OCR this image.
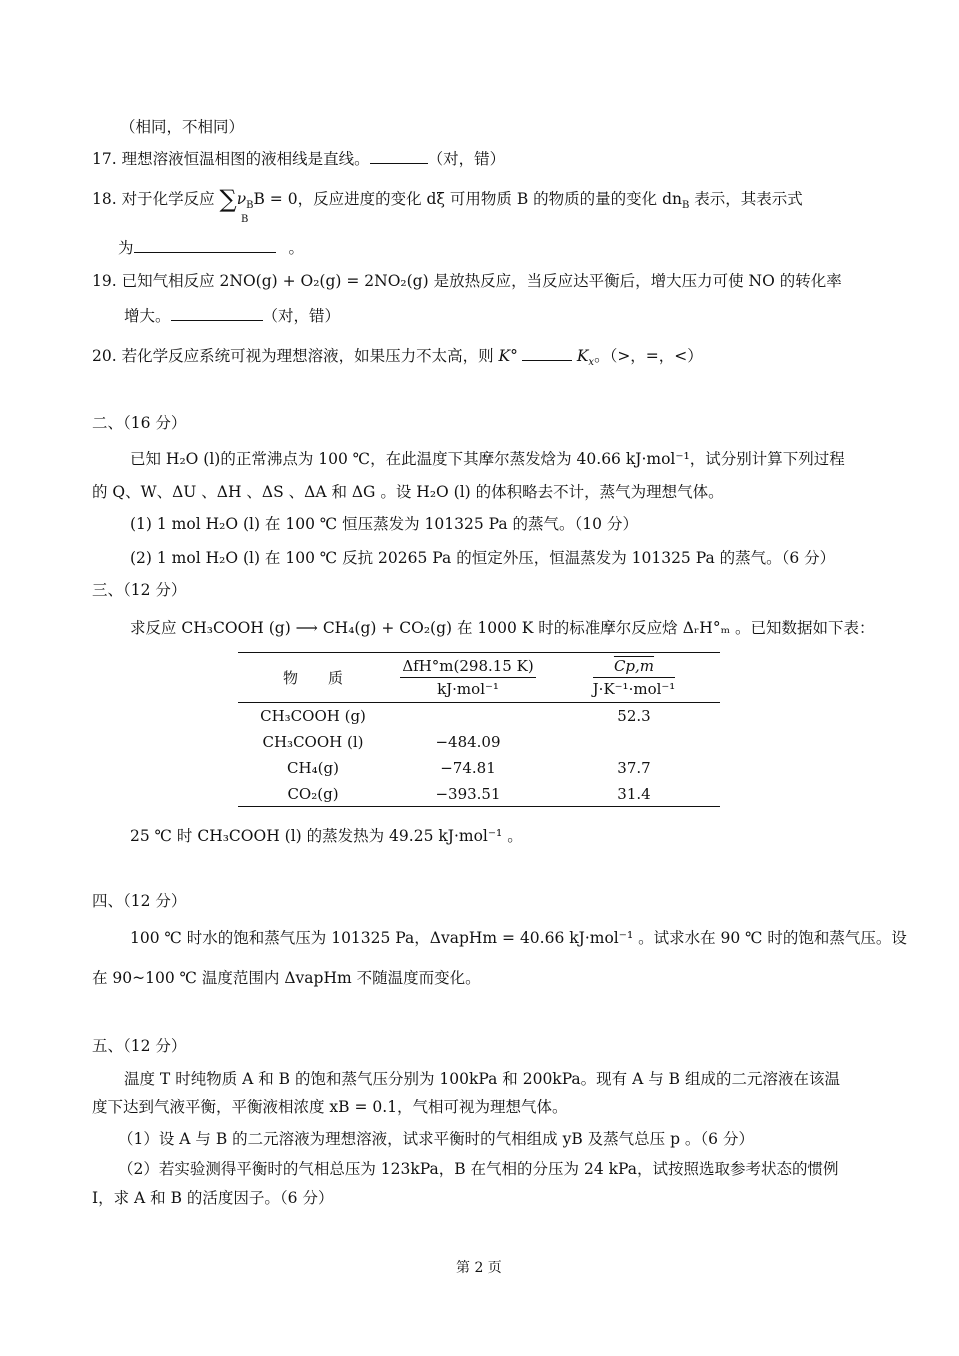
（相同，不相同）
17. 理想溶液恒温相图的液相线是直线。	（对，错）
18. 对于化学反应 $\sum\nu_BB = 0$，反应进度的变化 dξ 可用物质 B 的物质的量的变化 $dn_B$ 表示，其表示式
B
为	。
19. 已知气相反应 2NO(g) + O₂(g) = 2NO₂(g) 是放热反应，当反应达平衡后，增大压力可使 NO 的转化率
增大。	（对，错）
20. 若化学反应系统可视为理想溶液，如果压力不太高，则 K°	$K_x$。（>，=，<）
二、（16 分）
已知 H₂O (l)的正常沸点为 100 ℃，在此温度下其摩尔蒸发焓为 40.66 kJ·mol⁻¹，试分别计算下列过程
的 Q、W、ΔU 、ΔH 、ΔS 、ΔA 和 ΔG 。设 H₂O (l) 的体积略去不计，蒸气为理想气体。
(1) 1 mol H₂O (l) 在 100 ℃ 恒压蒸发为 101325 Pa 的蒸气。（10 分）
(2) 1 mol H₂O (l) 在 100 ℃ 反抗 20265 Pa 的恒定外压，恒温蒸发为 101325 Pa 的蒸气。（6 分）
三、（12 分）
求反应 CH₃COOH (g) ⟶ CH₄(g) + CO₂(g) 在 1000 K 时的标准摩尔反应焓 ΔᵣH°ₘ 。已知数据如下表：
物　　质	$\frac{\text{ΔfH°m(298.15 K)}}{\text{kJ·mol⁻¹}}$	$\frac{Cp,m}{\text{J·K⁻¹·mol⁻¹}}$

CH₃COOH (g)		52.3
CH₃COOH (l)	−484.09	
CH₄(g)	−74.81	37.7
CO₂(g)	−393.51	31.4
25 ℃ 时 CH₃COOH (l) 的蒸发热为 49.25 kJ·mol⁻¹ 。
四、（12 分）
100 ℃ 时水的饱和蒸气压为 101325 Pa，ΔvapHm = 40.66 kJ·mol⁻¹ 。试求水在 90 ℃ 时的饱和蒸气压。设
在 90~100 ℃ 温度范围内 ΔvapHm 不随温度而变化。
五、（12 分）
温度 T 时纯物质 A 和 B 的饱和蒸气压分别为 100kPa 和 200kPa。现有 A 与 B 组成的二元溶液在该温
度下达到气液平衡，平衡液相浓度 xB = 0.1，气相可视为理想气体。
（1）设 A 与 B 的二元溶液为理想溶液，试求平衡时的气相组成 yB 及蒸气总压 p 。（6 分）
（2）若实验测得平衡时的气相总压为 123kPa，B 在气相的分压为 24 kPa，试按照选取参考状态的惯例
I，求 A 和 B 的活度因子。（6 分）
第 2 页
